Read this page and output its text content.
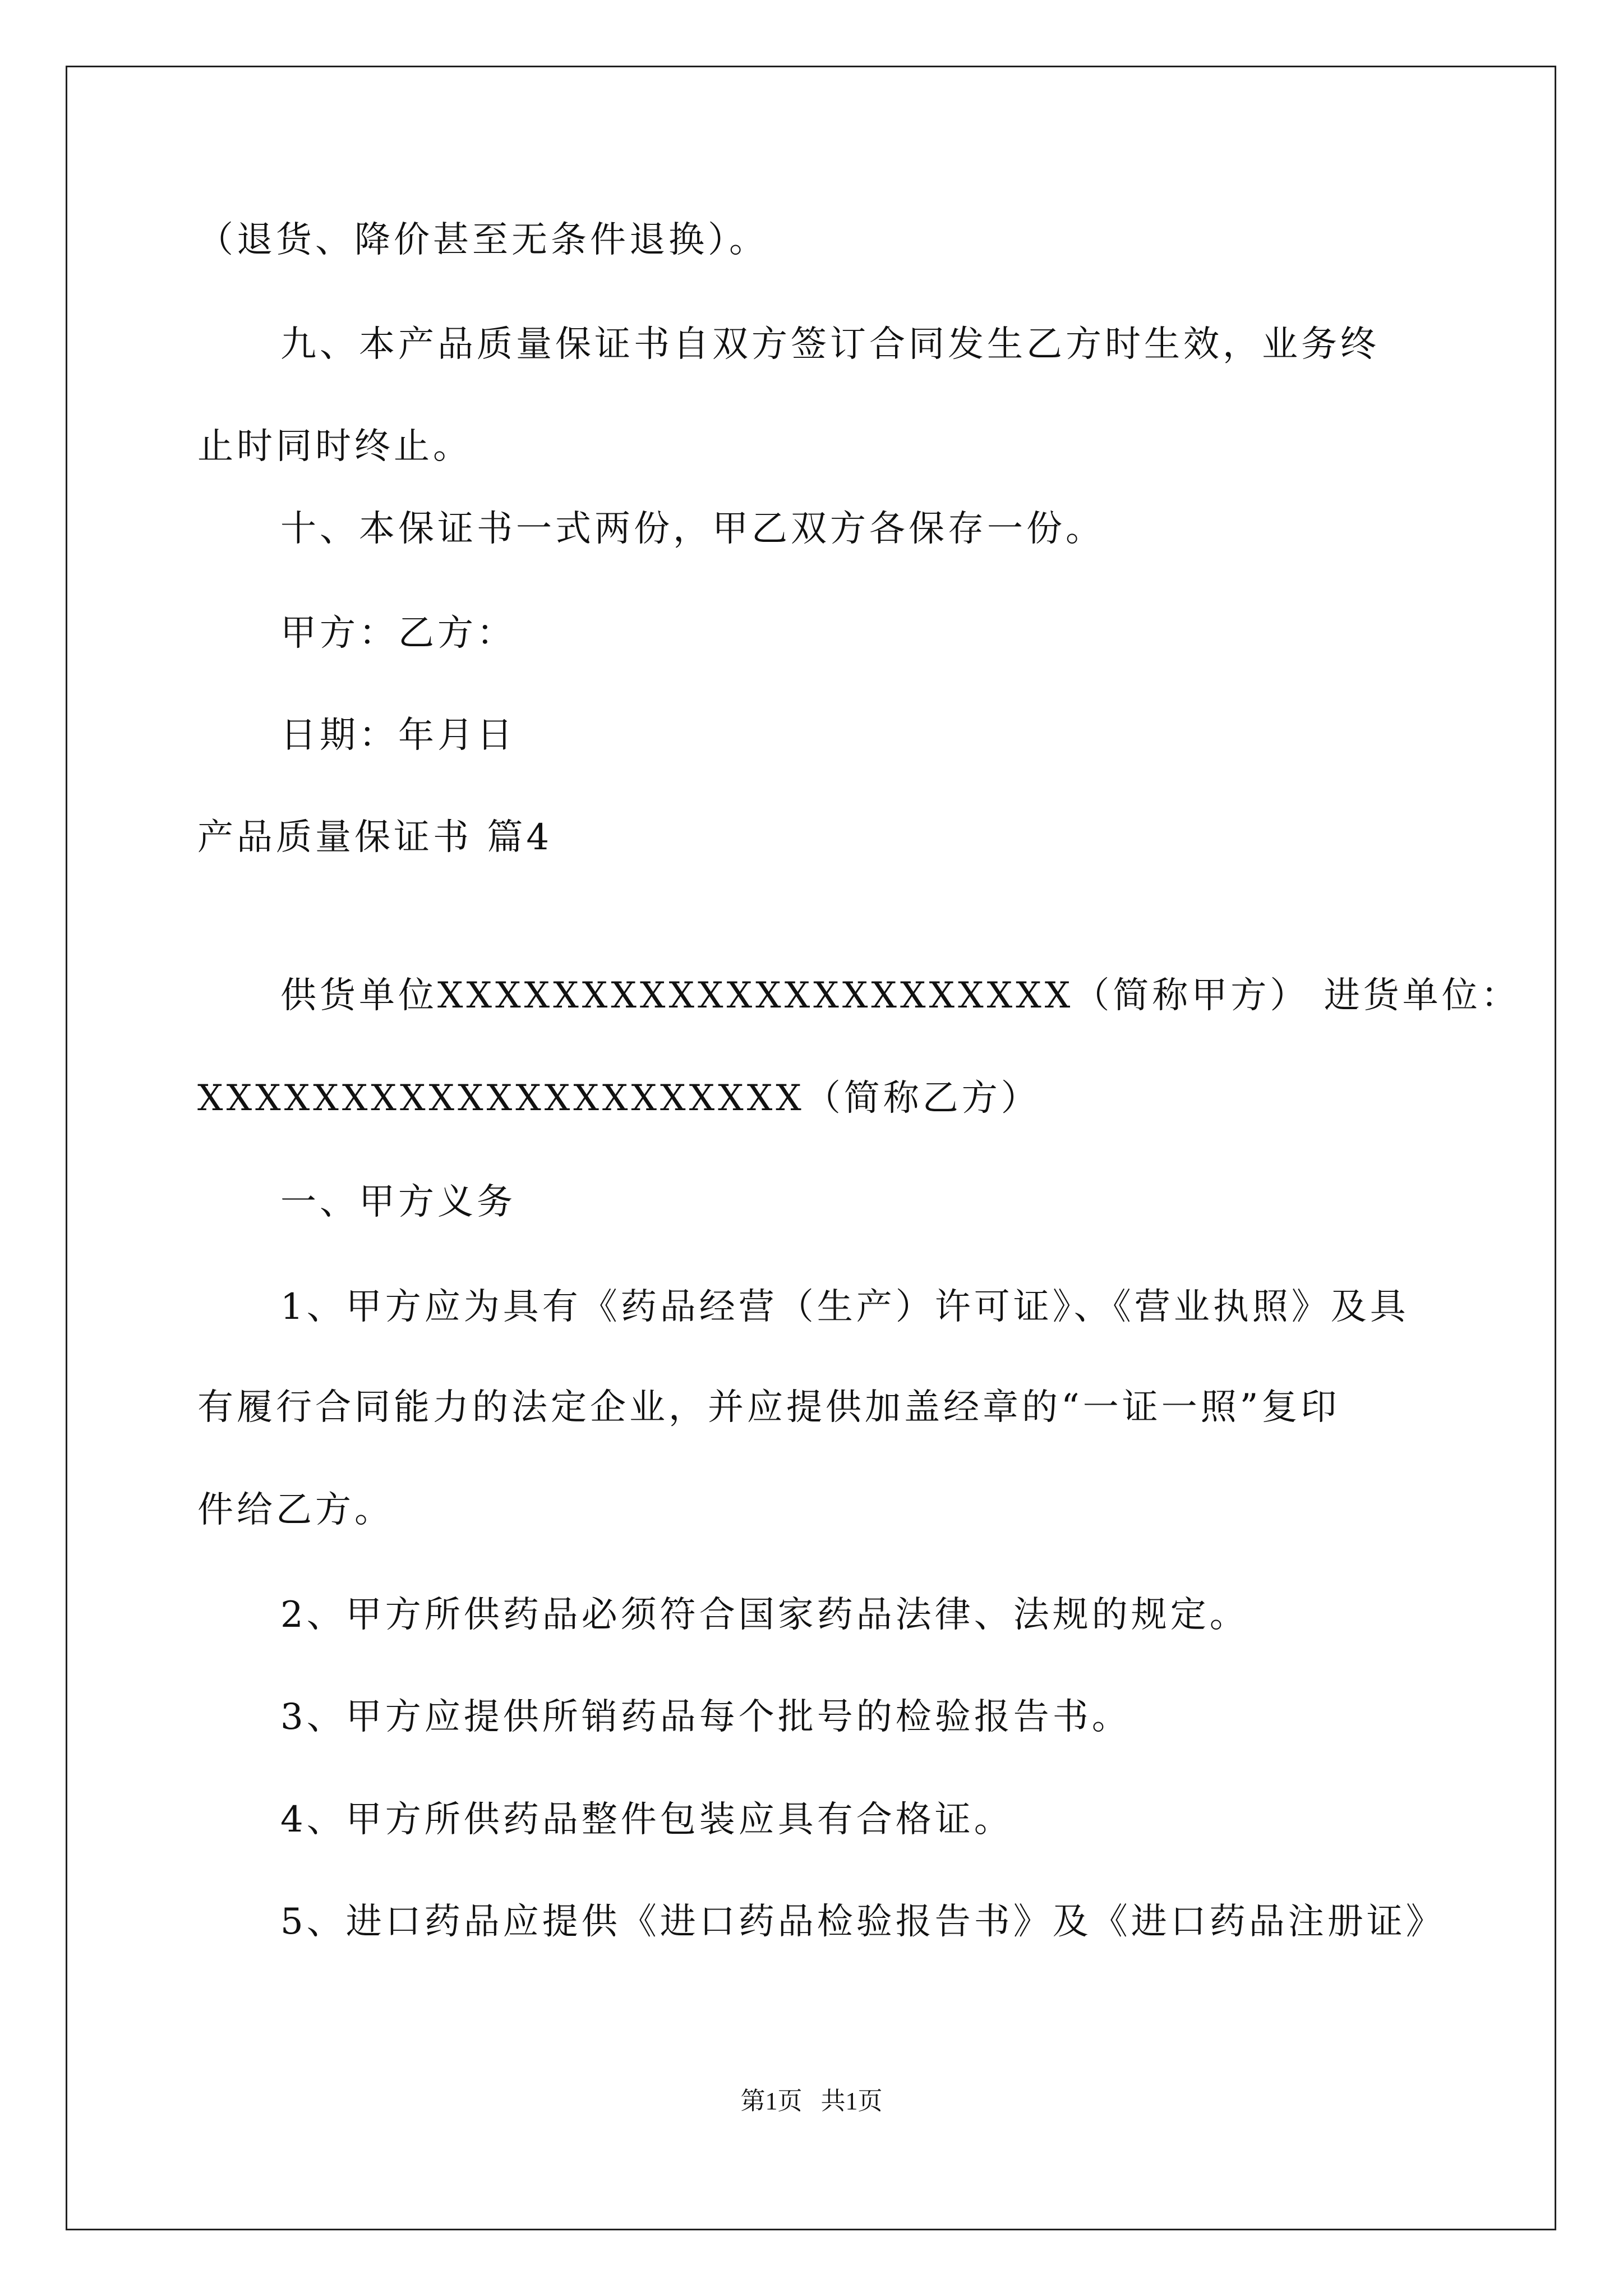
（退货、降价甚至无条件退换）。
九、本产品质量保证书自双方签订合同发生乙方时生效，业务终
止时同时终止。
十、本保证书一式两份，甲乙双方各保存一份。
甲方：乙方：
日期：年月日
产品质量保证书 篇4
供货单位XXXXXXXXXXXXXXXXXXXXXX（简称甲方） 进货单位：
XXXXXXXXXXXXXXXXXXXXX（简称乙方）
一、甲方义务
1、甲方应为具有《药品经营（生产）许可证》、《营业执照》及具
有履行合同能力的法定企业，并应提供加盖经章的“一证一照”复印
件给乙方。
2、甲方所供药品必须符合国家药品法律、法规的规定。
3、甲方应提供所销药品每个批号的检验报告书。
4、甲方所供药品整件包装应具有合格证。
5、进口药品应提供《进口药品检验报告书》及《进口药品注册证》
第1页   共1页
